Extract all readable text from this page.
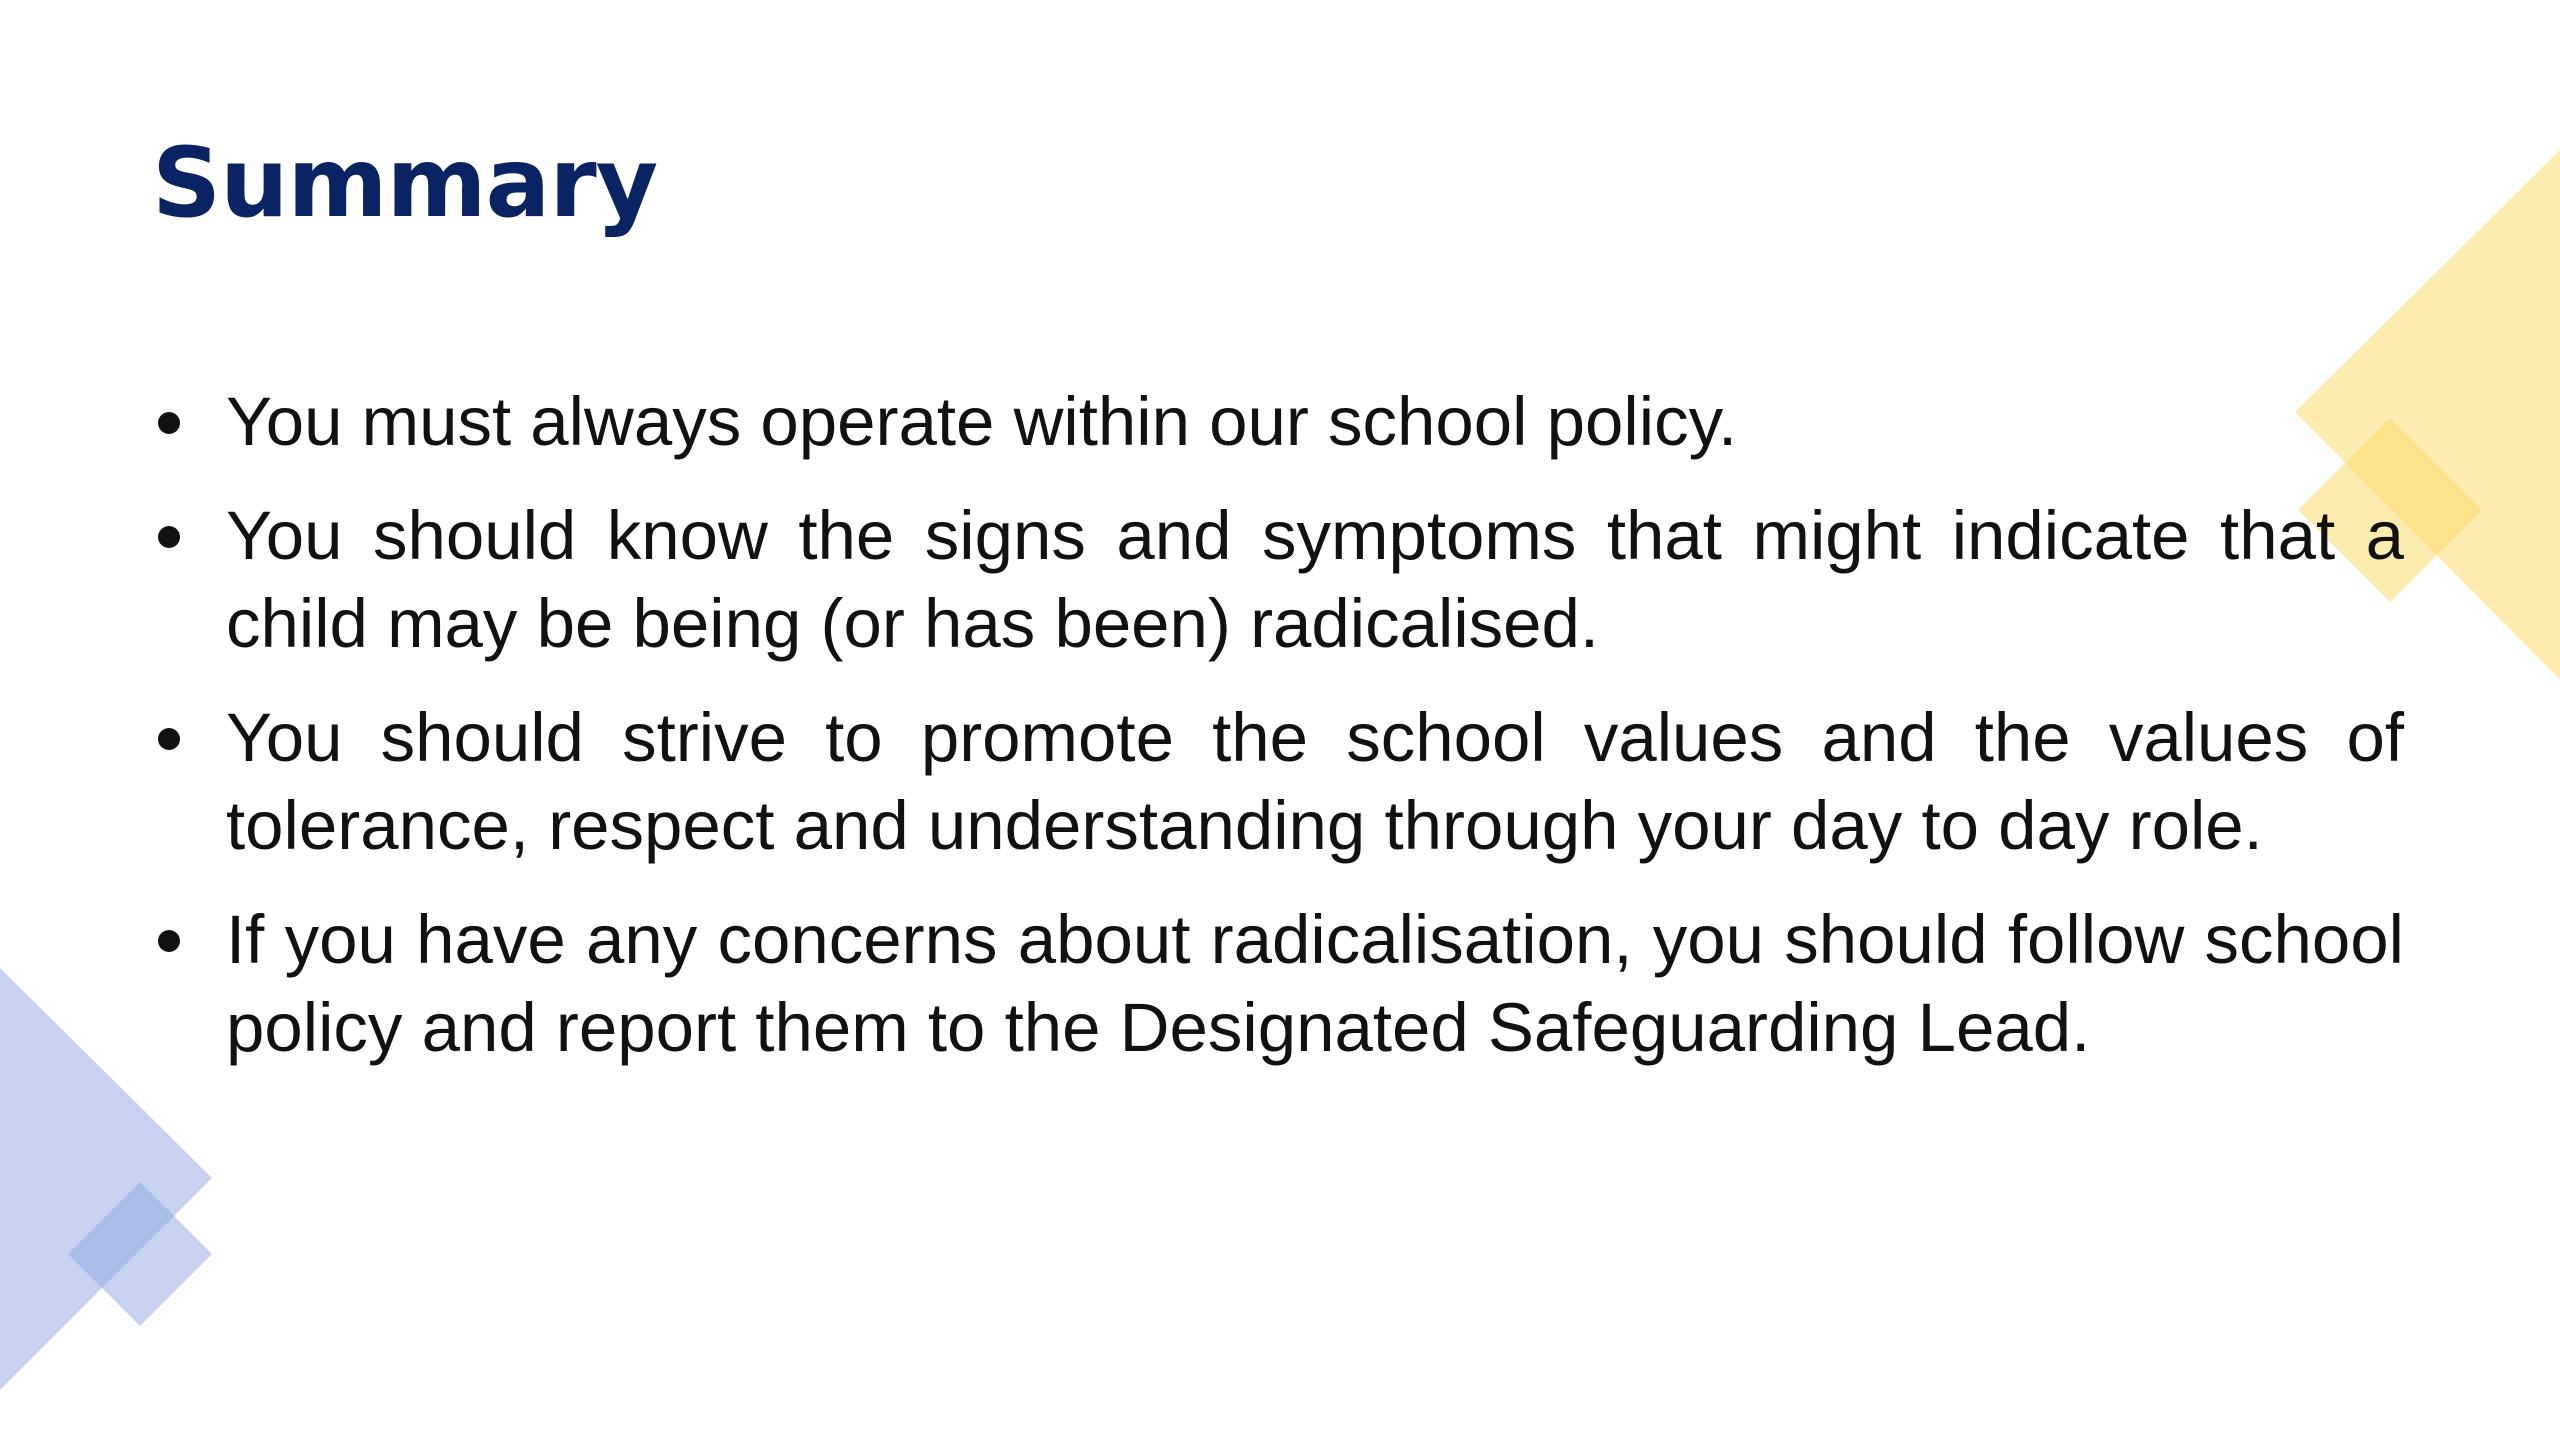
Summary
You must always operate within our school policy.
You should know the signs and symptoms that might indicate that a child may be being (or has been) radicalised.
You should strive to promote the school values and the values of tolerance, respect and understanding through your day to day role.
If you have any concerns about radicalisation, you should follow school policy and report them to the Designated Safeguarding Lead.
